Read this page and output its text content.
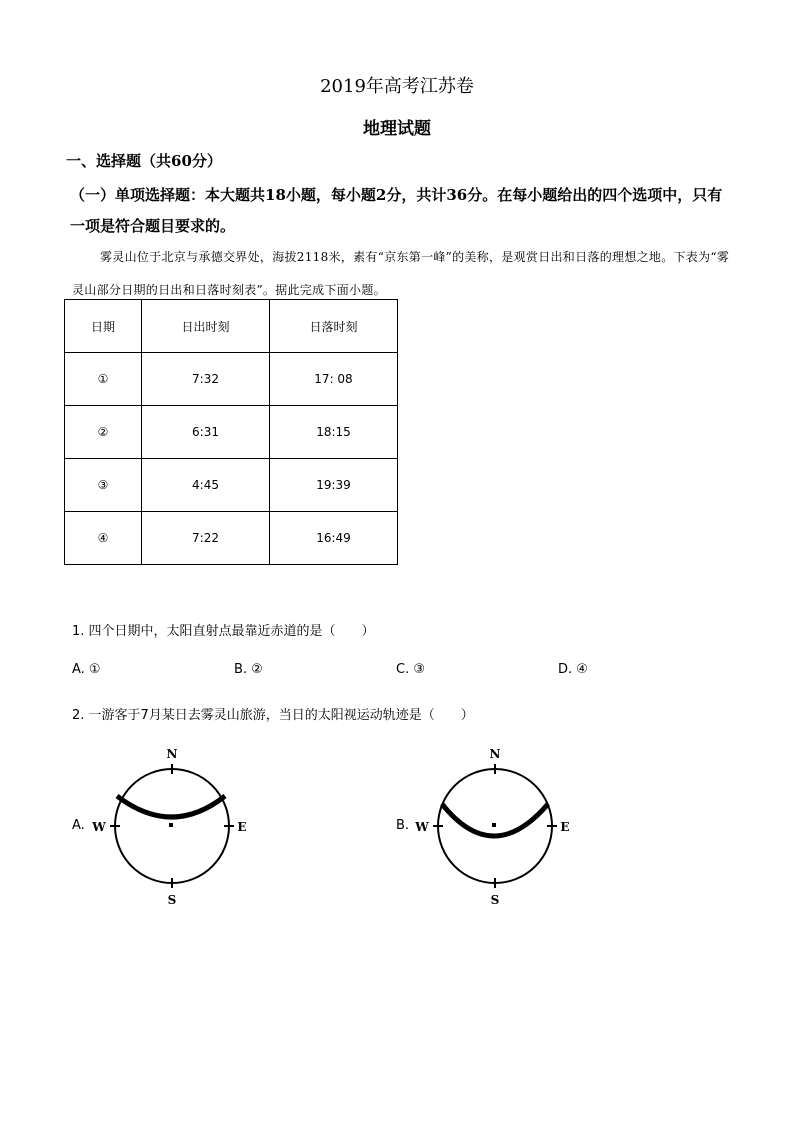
2019年高考江苏卷
地理试题
一、选择题（共60分）
（一）单项选择题：本大题共18小题，每小题2分，共计36分。在每小题给出的四个选项中，只有一项是符合题目要求的。
雾灵山位于北京与承德交界处，海拔2118米，素有“京东第一峰”的美称，是观赏日出和日落的理想之地。下表为“雾灵山部分日期的日出和日落时刻表”。据此完成下面小题。
日期	日出时刻	日落时刻
①	7:32	17: 08
②	6:31	18:15
③	4:45	19:39
④	7:22	16:49
1. 四个日期中，太阳直射点最靠近赤道的是（　　）
A. ①	B. ②	C. ③	D. ④
2. 一游客于7月某日去雾灵山旅游，当日的太阳视运动轨迹是（　　）
A.
N
S
W	E	B.
N
S
W	E
